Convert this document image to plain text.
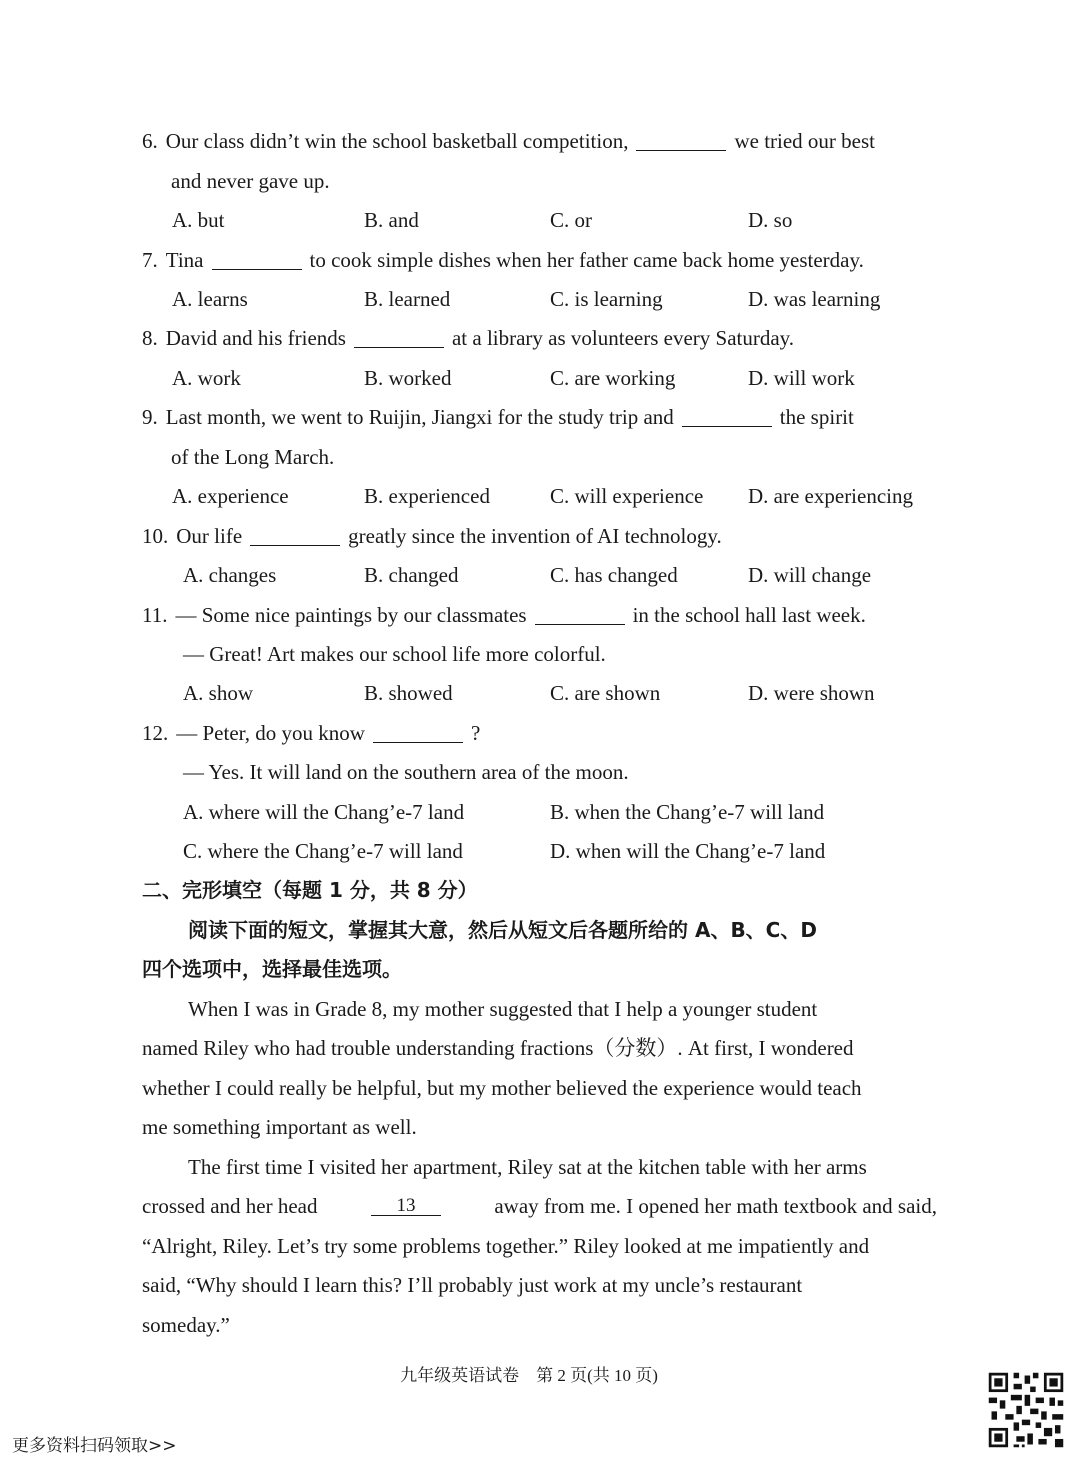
6. Our class didn’t win the school basketball competition,	we tried our best
and never gave up.
A. but	B. and	C. or	D. so
7. Tina	to cook simple dishes when her father came back home yesterday.
A. learns	B. learned	C. is learning	D. was learning
8. David and his friends	at a library as volunteers every Saturday.
A. work	B. worked	C. are working	D. will work
9. Last month, we went to Ruijin, Jiangxi for the study trip and	the spirit
of the Long March.
A. experience	B. experienced	C. will experience D. are experiencing
10. Our life	greatly since the invention of AI technology.
A. changes	B. changed	C. has changed	D. will change
11. — Some nice paintings by our classmates	in the school hall last week.
— Great! Art makes our school life more colorful.
A. show	B. showed	C. are shown	D. were shown
12. — Peter, do you know	?
— Yes. It will land on the southern area of the moon.
A. where will the Chang’e-7 land	B. when the Chang’e-7 will land
C. where the Chang’e-7 will land	D. when will the Chang’e-7 land
二、完形填空（每题 1 分，共 8 分）
阅读下面的短文，掌握其大意，然后从短文后各题所给的 A、B、C、D
四个选项中，选择最佳选项。
When I was in Grade 8, my mother suggested that I help a younger student
named Riley who had trouble understanding fractions（分数）. At first, I wondered
whether I could really be helpful, but my mother believed the experience would teach
me something important as well.
The first time I visited her apartment, Riley sat at the kitchen table with her arms
crossed and her head	13	away from me. I opened her math textbook and said,
“Alright, Riley. Let’s try some problems together.” Riley looked at me impatiently and
said, “Why should I learn this? I’ll probably just work at my uncle’s restaurant
someday.”
九年级英语试卷　第 2 页(共 10 页)
更多资料扫码领取>>
